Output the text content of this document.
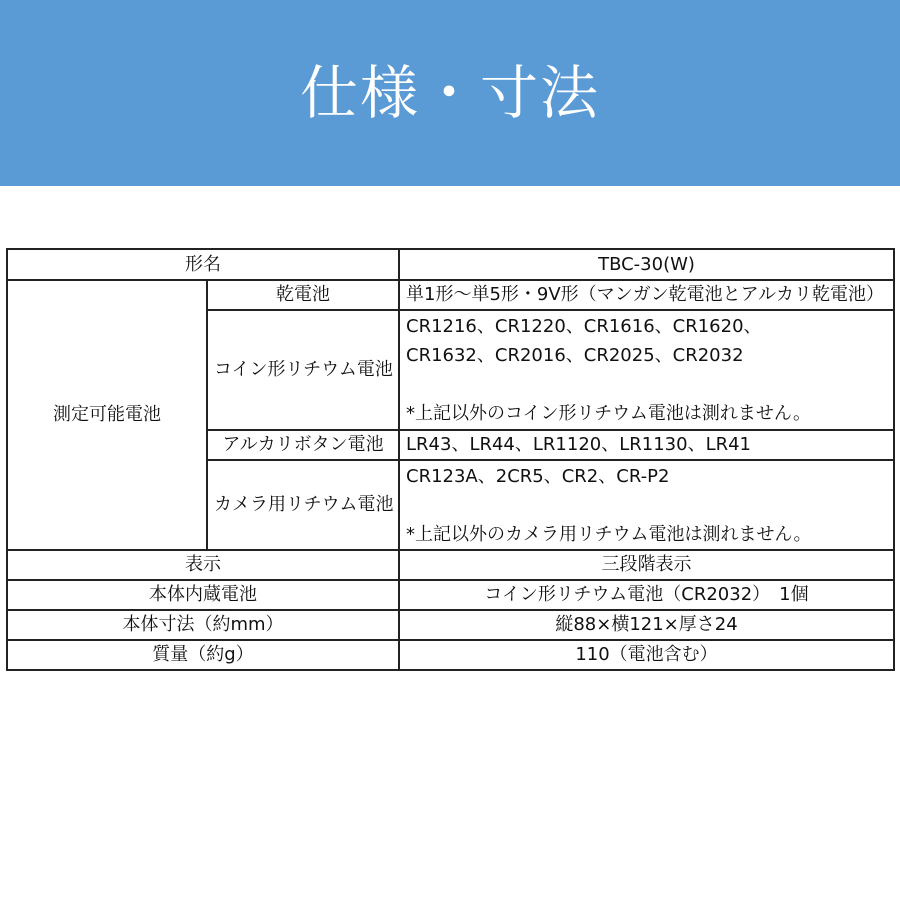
仕様・寸法
形名		TBC-30(W)
測定可能電池	乾電池	単1形～単5形・9V形（マンガン乾電池とアルカリ乾電池）
	コイン形リチウム電池	CR1216、CR1220、CR1616、CR1620、
CR1632、CR2016、CR2025、CR2032
*上記以外のコイン形リチウム電池は測れません。

	アルカリボタン電池	LR43、LR44、LR1120、LR1130、LR41
	カメラ用リチウム電池	CR123A、2CR5、CR2、CR-P2
*上記以外のカメラ用リチウム電池は測れません。

表示		三段階表示
本体内蔵電池		コイン形リチウム電池（CR2032）　1個
本体寸法（約mm）		縦88×横121×厚さ24
質量（約g）		110（電池含む）
